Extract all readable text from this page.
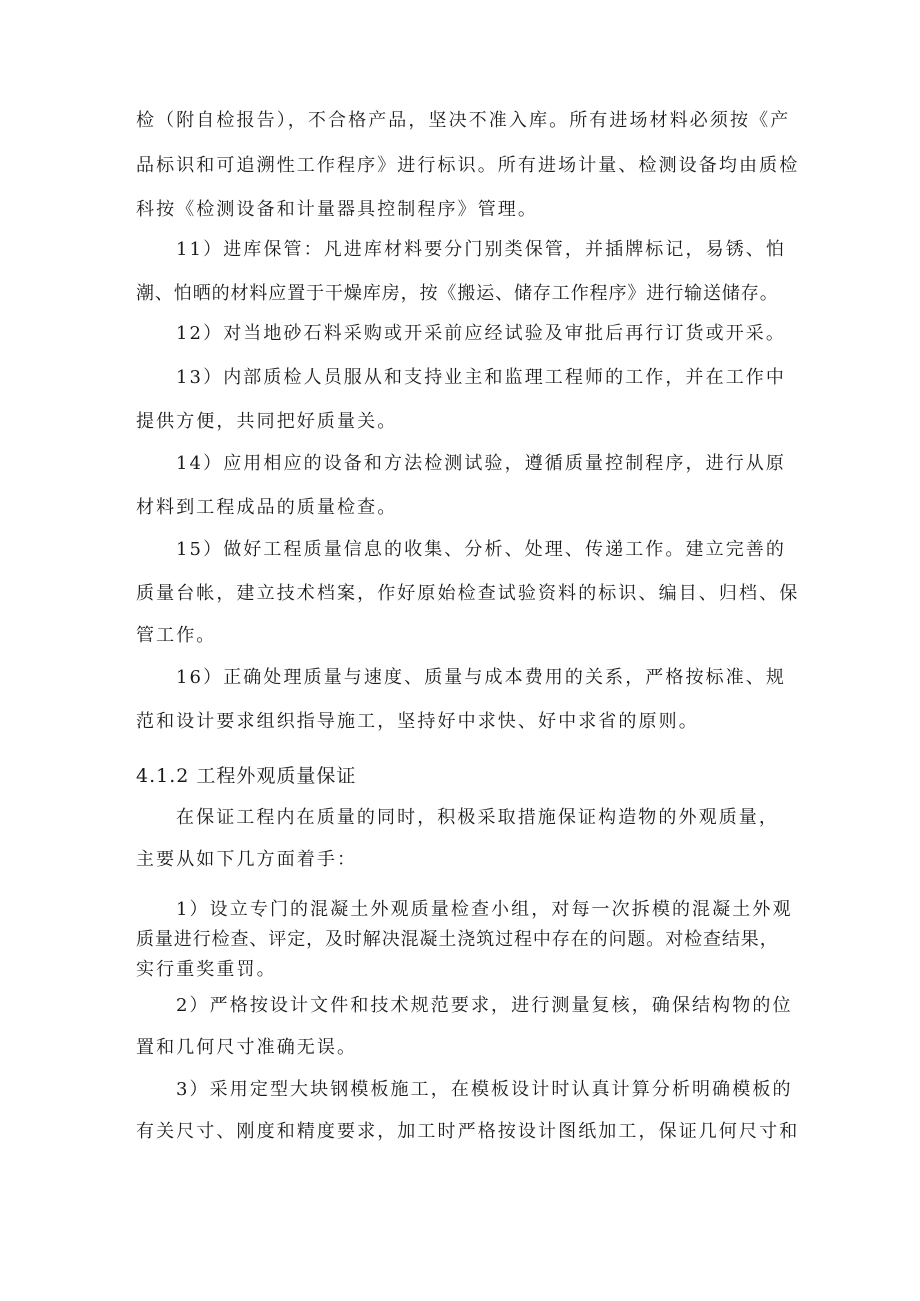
检（附自检报告），不合格产品，坚决不准入库。所有进场材料必须按《产

品标识和可追溯性工作程序》进行标识。所有进场计量、检测设备均由质检

科按《检测设备和计量器具控制程序》管理。

11）进库保管：凡进库材料要分门别类保管，并插牌标记，易锈、怕

潮、怕晒的材料应置于干燥库房，按《搬运、储存工作程序》进行输送储存。

12）对当地砂石料采购或开采前应经试验及审批后再行订货或开采。

13）内部质检人员服从和支持业主和监理工程师的工作，并在工作中

提供方便，共同把好质量关。

14）应用相应的设备和方法检测试验，遵循质量控制程序，进行从原

材料到工程成品的质量检查。

15）做好工程质量信息的收集、分析、处理、传递工作。建立完善的

质量台帐，建立技术档案，作好原始检查试验资料的标识、编目、归档、保

管工作。

16）正确处理质量与速度、质量与成本费用的关系，严格按标准、规

范和设计要求组织指导施工，坚持好中求快、好中求省的原则。

4.1.2 工程外观质量保证

在保证工程内在质量的同时，积极采取措施保证构造物的外观质量，

主要从如下几方面着手：

1）设立专门的混凝土外观质量检查小组，对每一次拆模的混凝土外观

质量进行检查、评定，及时解决混凝土浇筑过程中存在的问题。对检查结果，

实行重奖重罚。

2）严格按设计文件和技术规范要求，进行测量复核，确保结构物的位

置和几何尺寸准确无误。

3）采用定型大块钢模板施工，在模板设计时认真计算分析明确模板的

有关尺寸、刚度和精度要求，加工时严格按设计图纸加工，保证几何尺寸和
